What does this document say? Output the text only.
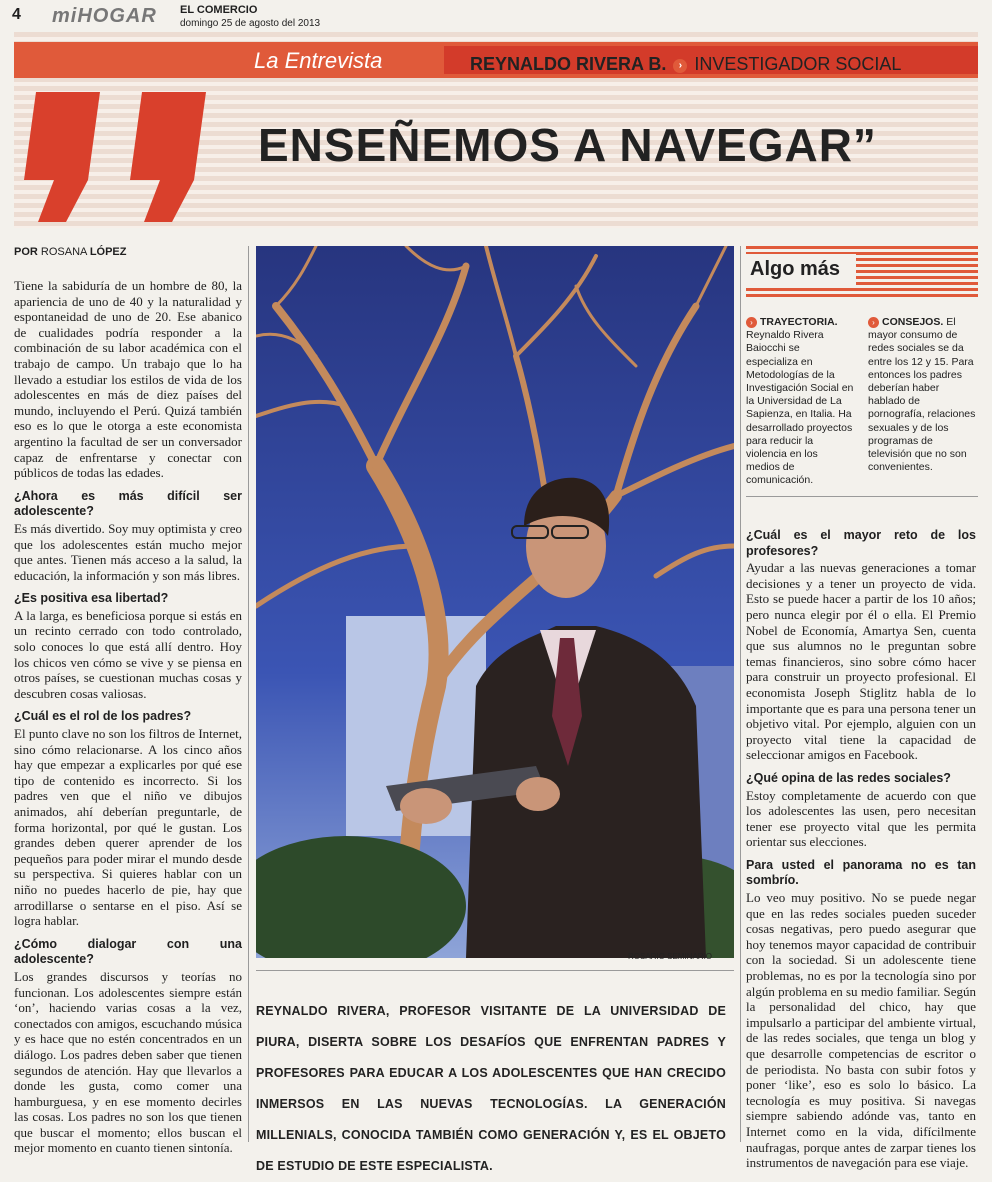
4 miHOGAR EL COMERCIO
domingo 25 de agosto del 2013
La Entrevista	REYNALDO RIVERA B. › INVESTIGADOR SOCIAL
ENSEÑEMOS A NAVEGAR”
POR ROSANA LÓPEZ

Tiene la sabiduría de un hombre de 80, la apariencia de uno de 40 y la naturalidad y espontaneidad de uno de 20. Ese abanico de cualidades podría responder a la combinación de su labor académica con el trabajo de campo. Un trabajo que lo ha llevado a estudiar los estilos de vida de los adolescentes en más de diez países del mundo, incluyendo el Perú. Quizá también eso es lo que le otorga a este economista argentino la facultad de ser un conversador capaz de enfrentarse y conectar con públicos de todas las edades.

¿Ahora es más difícil ser adolescente?

Es más divertido. Soy muy optimista y creo que los adolescentes están mucho mejor que antes. Tienen más acceso a la salud, la educación, la información y son más libres.

¿Es positiva esa libertad?

A la larga, es beneficiosa porque si estás en un recinto cerrado con todo controlado, solo conoces lo que está allí dentro. Hoy los chicos ven cómo se vive y se piensa en otros países, se cuestionan muchas cosas y descubren cosas valiosas.

¿Cuál es el rol de los padres?

El punto clave no son los filtros de Internet, sino cómo relacionarse. A los cinco años hay que empezar a explicarles por qué ese tipo de contenido es incorrecto. Si los padres ven que el niño ve dibujos animados, ahí deberían preguntarle, de forma horizontal, por qué le gustan. Los grandes deben querer aprender de los pequeños para poder mirar el mundo desde su perspectiva. Si quieres hablar con un niño no puedes hacerlo de pie, hay que arrodillarse o sentarse en el piso. Así se logra hablar.

¿Cómo dialogar con una adolescente?

Los grandes discursos y teorías no funcionan. Los adolescentes siempre están ‘on’, haciendo varias cosas a la vez, conectados con amigos, escuchando música y es hace que no estén concentrados en un diálogo. Los padres deben saber que tienen segundos de atención. Hay que llevarlos a donde les gusta, como comer una hamburguesa, y en ese momento decirles las cosas. Los padres no son los que tienen que buscar el momento; ellos buscan el mejor momento en cuanto tienen sintonía.

ROSARIO SEMINARIO
REYNALDO RIVERA, PROFESOR VISITANTE DE LA UNIVERSIDAD DE PIURA, DISERTA SOBRE LOS DESAFÍOS QUE ENFRENTAN PADRES Y PROFESORES PARA EDUCAR A LOS ADOLESCENTES QUE HAN CRECIDO INMERSOS EN LAS NUEVAS TECNOLOGÍAS. LA GENERACIÓN MILLENIALS, CONOCIDA TAMBIÉN COMO GENERACIÓN Y, ES EL OBJETO DE ESTUDIO DE ESTE ESPECIALISTA.
Algo más
› TRAYECTORIA. Reynaldo Rivera Baiocchi se especializa en Metodologías de la Investigación Social en la Universidad de La Sapienza, en Italia. Ha desarrollado proyectos para reducir la violencia en los medios de comunicación.
› CONSEJOS. El mayor consumo de redes sociales se da entre los 12 y 15. Para entonces los padres deberían haber hablado de pornografía, relaciones sexuales y de los programas de televisión que no son convenientes.

¿Cuál es el mayor reto de los profesores?

Ayudar a las nuevas generaciones a tomar decisiones y a tener un proyecto de vida. Esto se puede hacer a partir de los 10 años; pero nunca elegir por él o ella. El Premio Nobel de Economía, Amartya Sen, cuenta que sus alumnos no le preguntan sobre temas financieros, sino sobre cómo hacer para construir un proyecto profesional. El economista Joseph Stiglitz habla de lo importante que es para una persona tener un objetivo vital. Por ejemplo, alguien con un proyecto vital tiene la capacidad de seleccionar amigos en Facebook.

¿Qué opina de las redes sociales?

Estoy completamente de acuerdo con que los adolescentes las usen, pero necesitan tener ese proyecto vital que les permita orientar sus elecciones.

Para usted el panorama no es tan sombrío.

Lo veo muy positivo. No se puede negar que en las redes sociales pueden suceder cosas negativas, pero puedo asegurar que hoy tenemos mayor capacidad de contribuir con la sociedad. Si un adolescente tiene problemas, no es por la tecnología sino por algún problema en su medio familiar. Según la personalidad del chico, hay que impulsarlo a participar del ambiente virtual, de las redes sociales, que tenga un blog y que desarrolle competencias de escritor o de periodista. No basta con subir fotos y poner ‘like’, eso es solo lo básico. La tecnología es muy positiva. Si navegas siempre sabiendo adónde vas, tanto en Internet como en la vida, difícilmente naufragas, porque antes de zarpar tienes los instrumentos de navegación para ese viaje.
